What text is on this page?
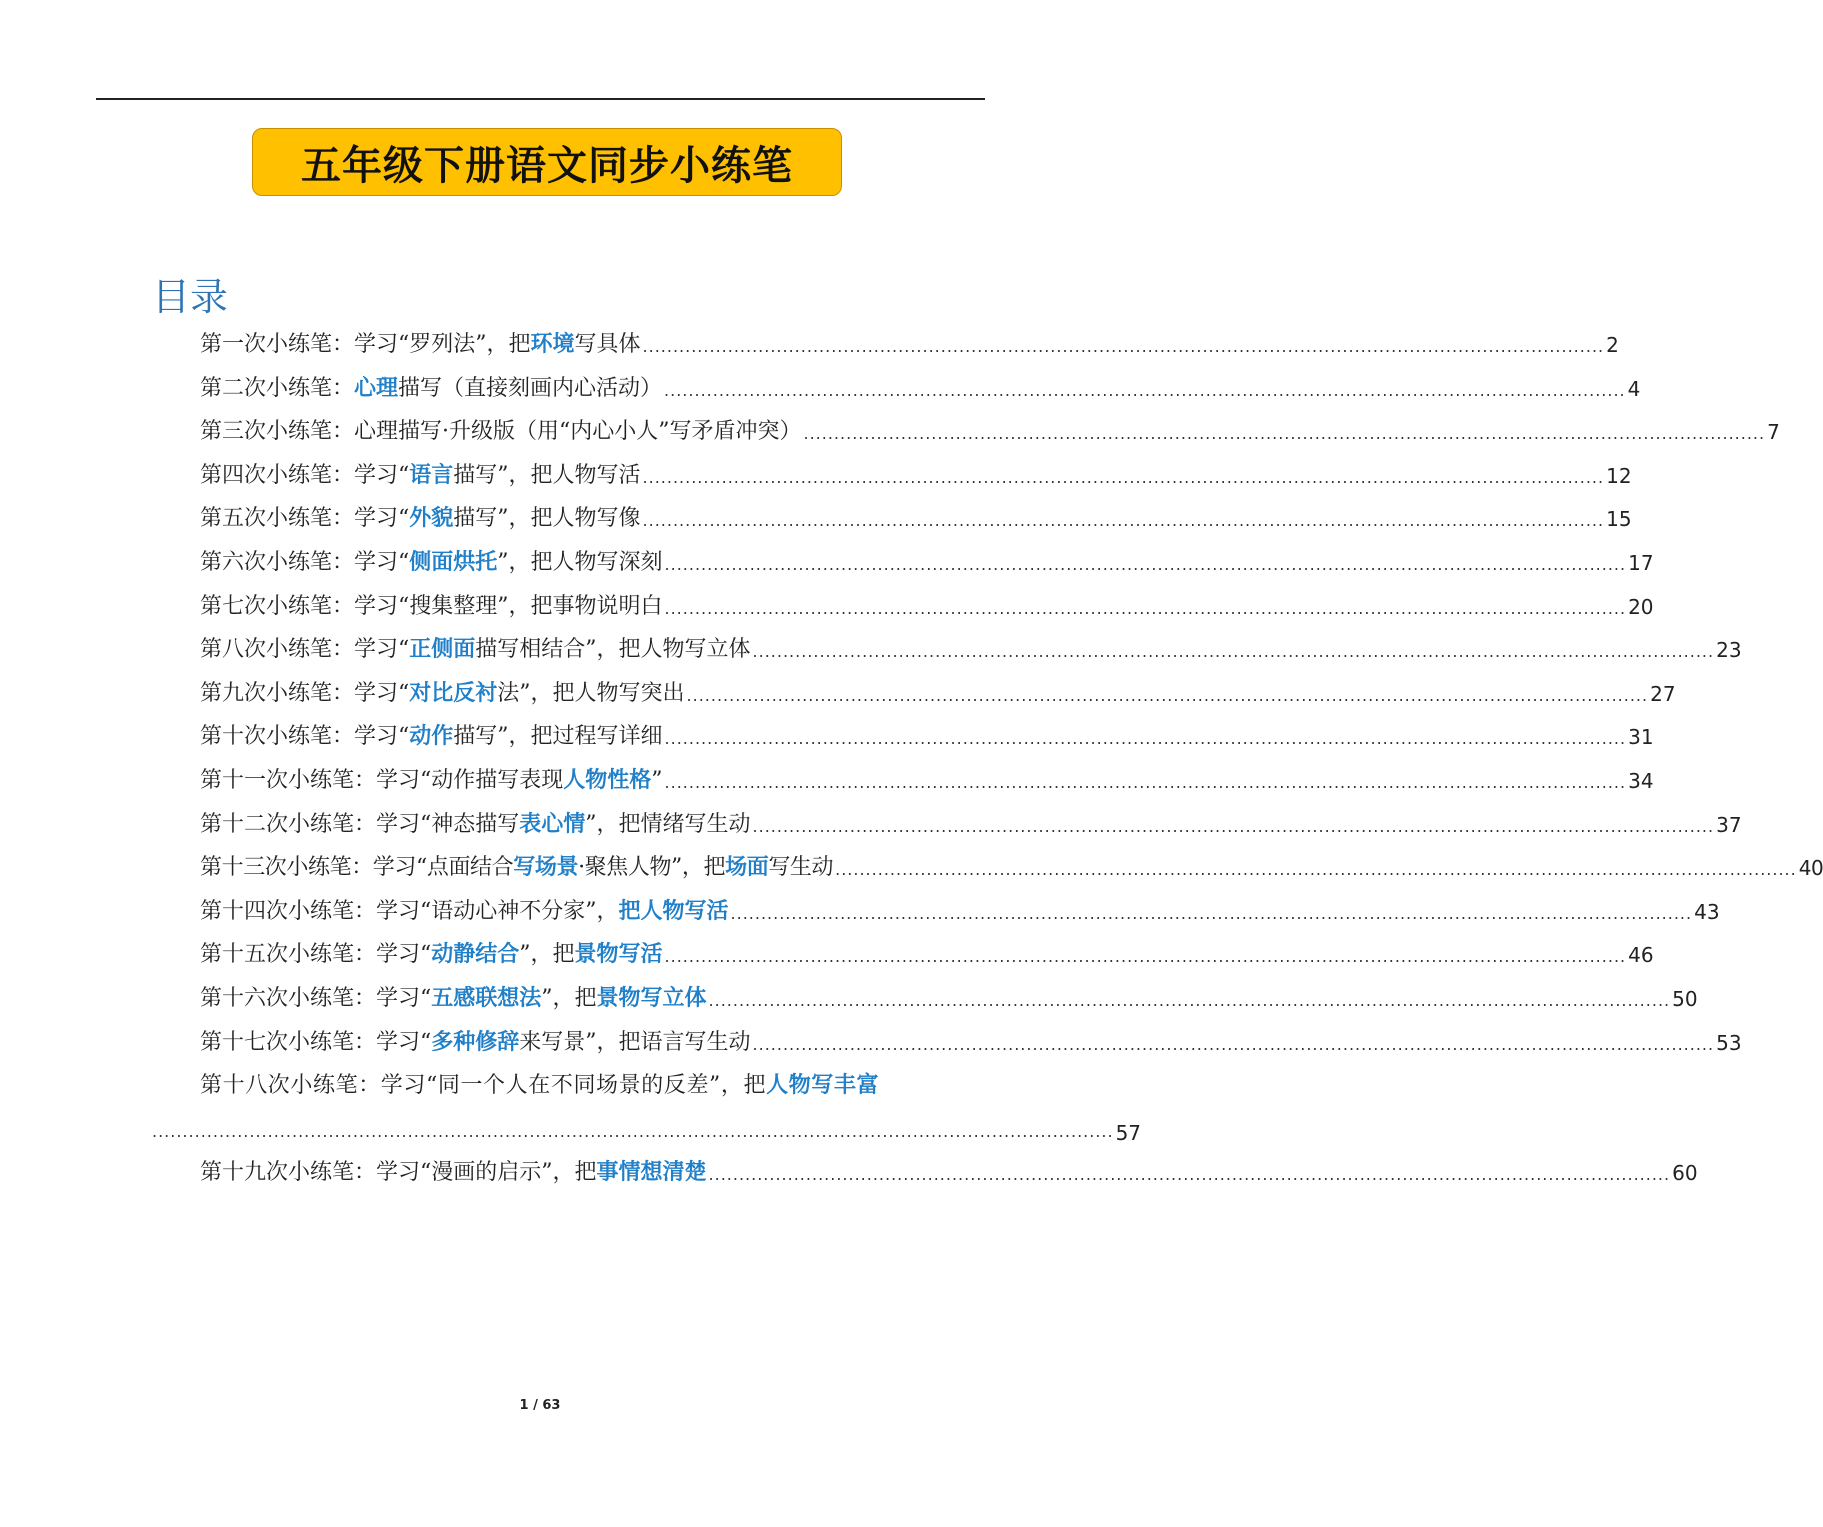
五年级下册语文同步小练笔
目录
第一次小练笔：学习“罗列法”，把环境写具体 .............................................................................................................................................................. 2
第二次小练笔：心理描写（直接刻画内心活动） .............................................................................................................................................................. 4
第三次小练笔：心理描写·升级版（用“内心小人”写矛盾冲突） .............................................................................................................................................................. 7
第四次小练笔：学习“语言描写”，把人物写活 .............................................................................................................................................................. 12
第五次小练笔：学习“外貌描写”，把人物写像 .............................................................................................................................................................. 15
第六次小练笔：学习“侧面烘托”，把人物写深刻 .............................................................................................................................................................. 17
第七次小练笔：学习“搜集整理”，把事物说明白 .............................................................................................................................................................. 20
第八次小练笔：学习“正侧面描写相结合”，把人物写立体 .............................................................................................................................................................. 23
第九次小练笔：学习“对比反衬法”，把人物写突出 .............................................................................................................................................................. 27
第十次小练笔：学习“动作描写”，把过程写详细 .............................................................................................................................................................. 31
第十一次小练笔：学习“动作描写表现人物性格” .............................................................................................................................................................. 34
第十二次小练笔：学习“神态描写表心情”，把情绪写生动 .............................................................................................................................................................. 37
第十三次小练笔：学习“点面结合写场景·聚焦人物”，把场面写生动 .............................................................................................................................................................. 40
第十四次小练笔：学习“语动心神不分家”，把人物写活 .............................................................................................................................................................. 43
第十五次小练笔：学习“动静结合”，把景物写活 .............................................................................................................................................................. 46
第十六次小练笔：学习“五感联想法”，把景物写立体 .............................................................................................................................................................. 50
第十七次小练笔：学习“多种修辞来写景”，把语言写生动 .............................................................................................................................................................. 53
第十八次小练笔：学习“同一个人在不同场景的反差”，把人物写丰富
.............................................................................................................................................................. 57
第十九次小练笔：学习“漫画的启示”，把事情想清楚 .............................................................................................................................................................. 60
1 / 63
